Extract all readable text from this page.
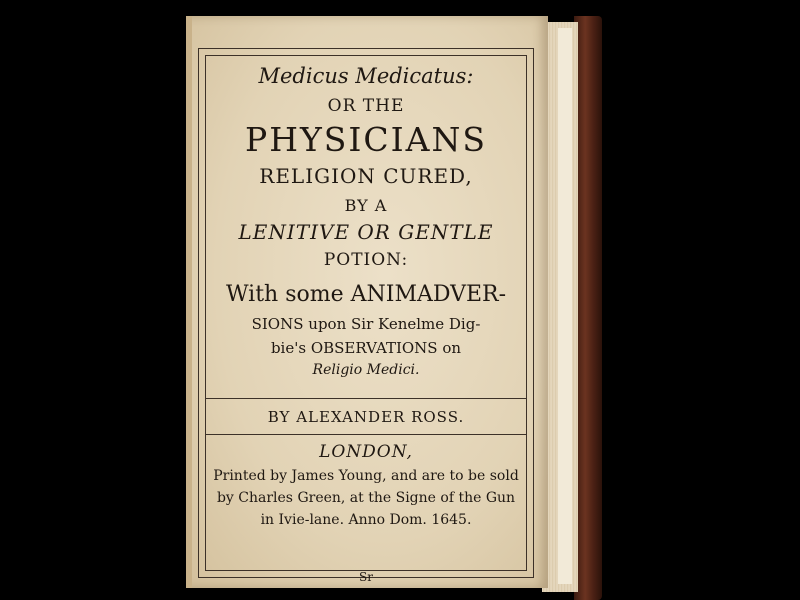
Medicus Medicatus:
OR THE
PHYSICIANS
RELIGION CURED,
BY A
LENITIVE OR GENTLE
POTION:
With some ANIMADVER-
SIONS upon Sir Kenelme Dig-
bie's OBSERVATIONS on
Religio Medici.
BY ALEXANDER ROSS.
LONDON,
Printed by James Young, and are to be sold
by Charles Green, at the Signe of the Gun
in Ivie-lane. Anno Dom. 1645.
Sr
